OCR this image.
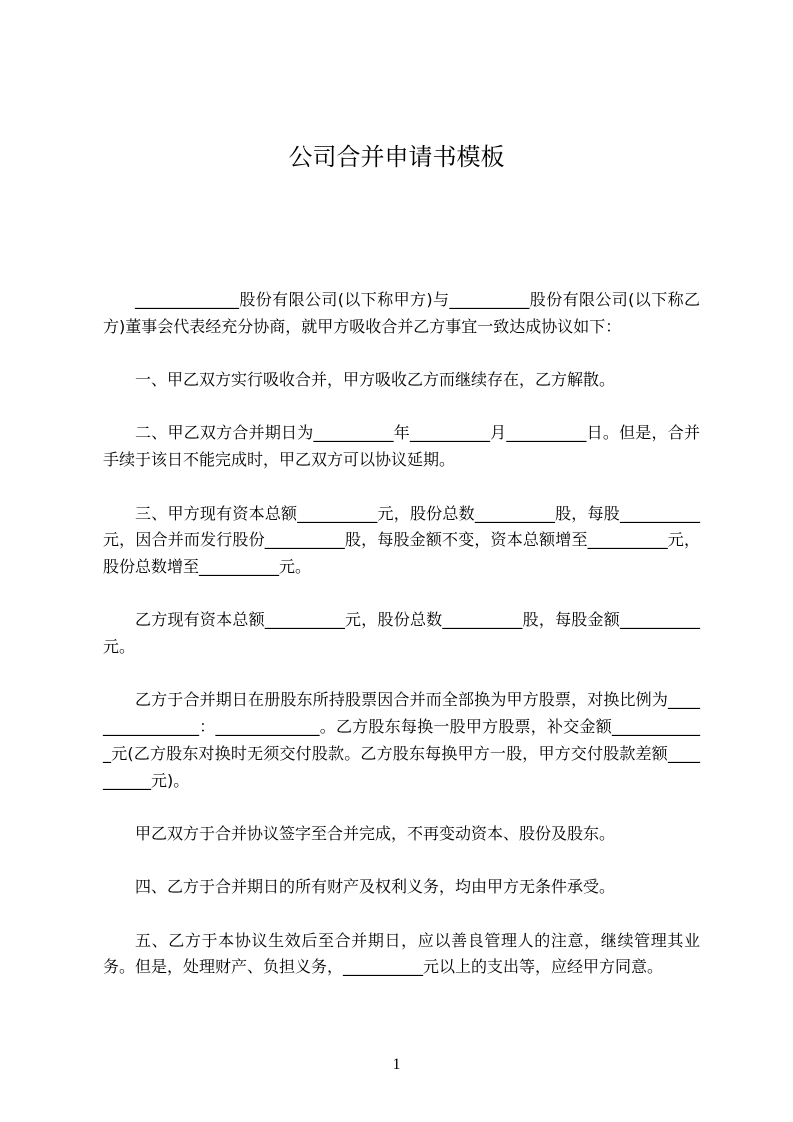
公司合并申请书模板

_____________股份有限公司(以下称甲方)与__________股份有限公司(以下称乙方)董事会代表经充分协商，就甲方吸收合并乙方事宜一致达成协议如下：

一、甲乙双方实行吸收合并，甲方吸收乙方而继续存在，乙方解散。

二、甲乙双方合并期日为__________年__________月__________日。但是，合并手续于该日不能完成时，甲乙双方可以协议延期。

三、甲方现有资本总额__________元，股份总数__________股，每股__________元，因合并而发行股份__________股，每股金额不变，资本总额增至__________元，股份总数增至__________元。

乙方现有资本总额__________元，股份总数__________股，每股金额__________元。

乙方于合并期日在册股东所持股票因合并而全部换为甲方股票，对换比例为________________：_____________。乙方股东每换一股甲方股票，补交金额____________元(乙方股东对换时无须交付股款。乙方股东每换甲方一股，甲方交付股款差额__________元)。

甲乙双方于合并协议签字至合并完成，不再变动资本、股份及股东。

四、乙方于合并期日的所有财产及权利义务，均由甲方无条件承受。

五、乙方于本协议生效后至合并期日，应以善良管理人的注意，继续管理其业务。但是，处理财产、负担义务，__________元以上的支出等，应经甲方同意。

1
